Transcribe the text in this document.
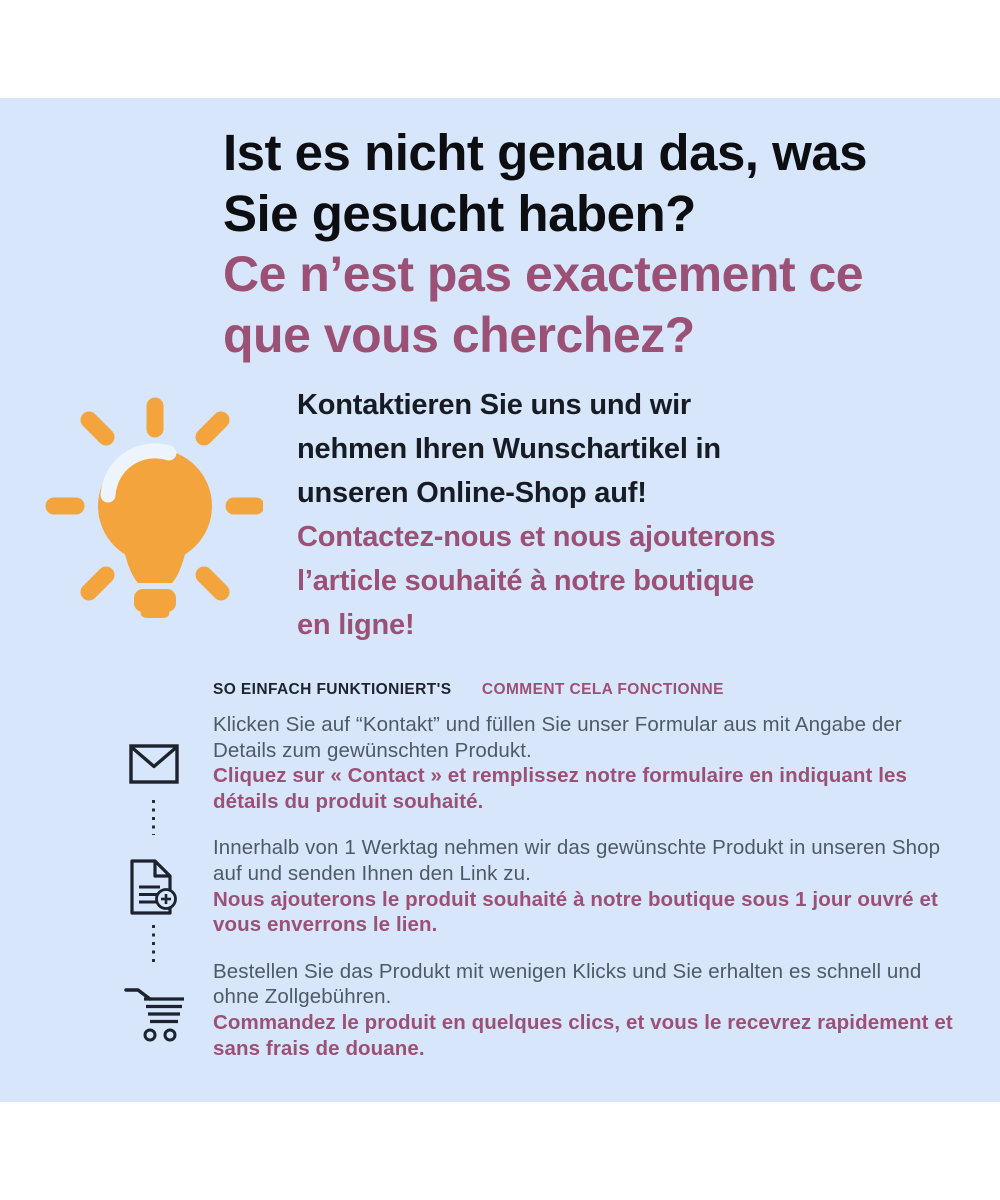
Ist es nicht genau das, was
Sie gesucht haben?
Ce n’est pas exactement ce
que vous cherchez?
Kontaktieren Sie uns und wir
nehmen Ihren Wunschartikel in
unseren Online-Shop auf!
Contactez-nous et nous ajouterons
l’article souhaité à notre boutique
en ligne!
SO EINFACH FUNKTIONIERT'S COMMENT CELA FONCTIONNE

Klicken Sie auf “Kontakt” und füllen Sie unser Formular aus mit Angabe der Details zum gewünschten Produkt.

Cliquez sur « Contact » et remplissez notre formulaire en indiquant les détails du produit souhaité.

Innerhalb von 1 Werktag nehmen wir das gewünschte Produkt in unseren Shop auf und senden Ihnen den Link zu.

Nous ajouterons le produit souhaité à notre boutique sous 1 jour ouvré et vous enverrons le lien.

Bestellen Sie das Produkt mit wenigen Klicks und Sie erhalten es schnell und ohne Zollgebühren.

Commandez le produit en quelques clics, et vous le recevrez rapidement et sans frais de douane.
